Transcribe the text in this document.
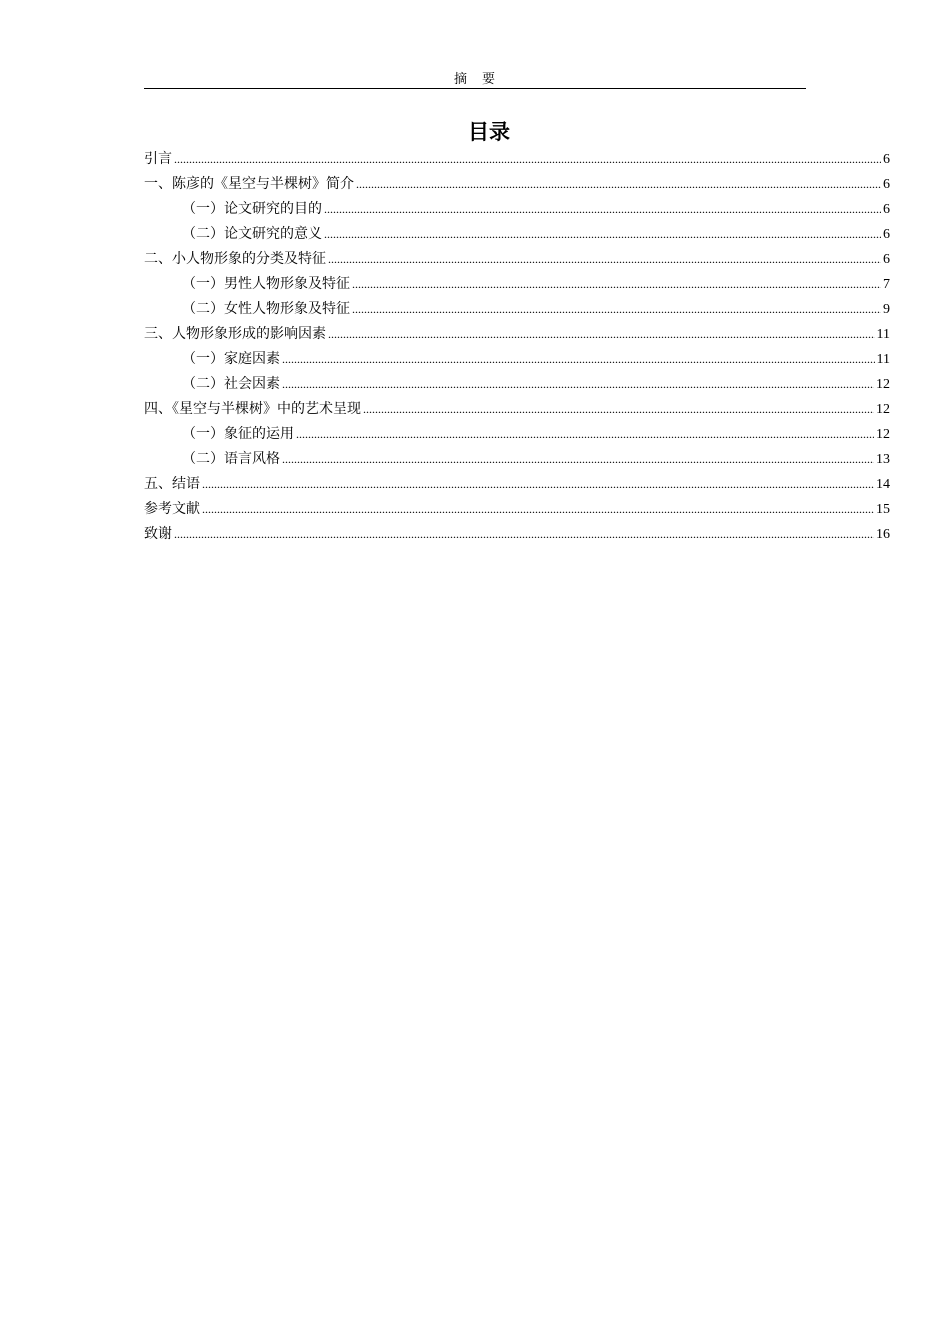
摘　要
目录
引言 .....	6
一、陈彦的《星空与半棵树》简介 .....	6
（一）论文研究的目的 .....	6
（二）论文研究的意义 .....	6
二、小人物形象的分类及特征 .....	6
（一）男性人物形象及特征 .....	7
（二）女性人物形象及特征 .....	9
三、人物形象形成的影响因素 .....	11
（一）家庭因素 .....	11
（二）社会因素 .....	12
四、《星空与半棵树》中的艺术呈现 .....	12
（一）象征的运用 .....	12
（二）语言风格 .....	13
五、结语 .....	14
参考文献 .....	15
致谢 .....	16
